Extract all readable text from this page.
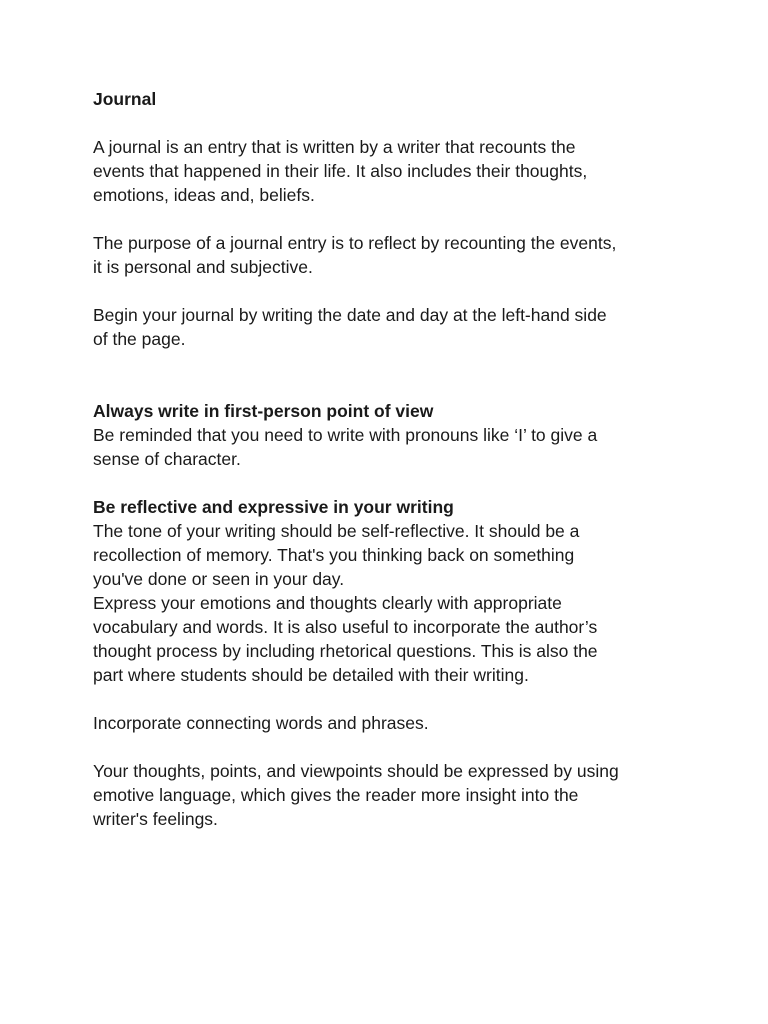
Journal
A journal is an entry that is written by a writer that recounts the
events that happened in their life. It also includes their thoughts,
emotions, ideas and, beliefs.
The purpose of a journal entry is to reflect by recounting the events,
it is personal and subjective.
Begin your journal by writing the date and day at the left-hand side
of the page.
Always write in first-person point of view
Be reminded that you need to write with pronouns like ‘I’ to give a
sense of character.
Be reflective and expressive in your writing
The tone of your writing should be self-reflective. It should be a
recollection of memory. That's you thinking back on something
you've done or seen in your day.
Express your emotions and thoughts clearly with appropriate
vocabulary and words. It is also useful to incorporate the author’s
thought process by including rhetorical questions. This is also the
part where students should be detailed with their writing.
Incorporate connecting words and phrases.
Your thoughts, points, and viewpoints should be expressed by using
emotive language, which gives the reader more insight into the
writer's feelings.
